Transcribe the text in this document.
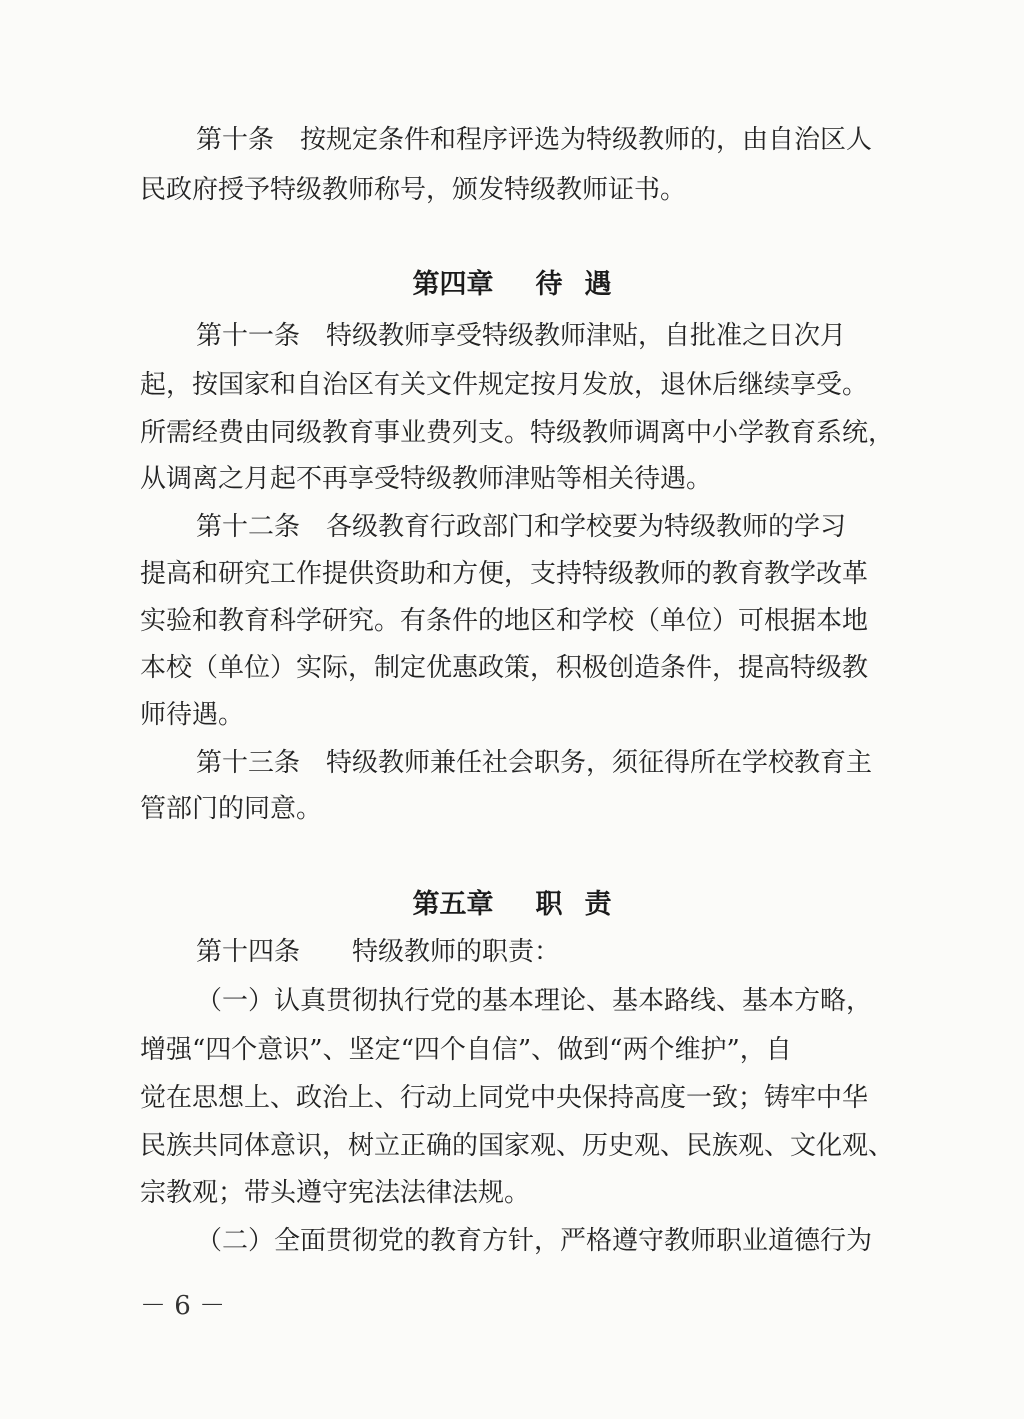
第十条　按规定条件和程序评选为特级教师的，由自治区人
民政府授予特级教师称号，颁发特级教师证书。
第四章 待 遇
第十一条　特级教师享受特级教师津贴，自批准之日次月
起，按国家和自治区有关文件规定按月发放，退休后继续享受。
所需经费由同级教育事业费列支。特级教师调离中小学教育系统，
从调离之月起不再享受特级教师津贴等相关待遇。
第十二条　各级教育行政部门和学校要为特级教师的学习
提高和研究工作提供资助和方便，支持特级教师的教育教学改革
实验和教育科学研究。有条件的地区和学校（单位）可根据本地
本校（单位）实际，制定优惠政策，积极创造条件，提高特级教
师待遇。
第十三条　特级教师兼任社会职务，须征得所在学校教育主
管部门的同意。
第五章 职 责
第十四条　　特级教师的职责：
（一）认真贯彻执行党的基本理论、基本路线、基本方略，
增强“四个意识”、坚定“四个自信”、做到“两个维护”，自
觉在思想上、政治上、行动上同党中央保持高度一致；铸牢中华
民族共同体意识，树立正确的国家观、历史观、民族观、文化观、
宗教观；带头遵守宪法法律法规。
（二）全面贯彻党的教育方针，严格遵守教师职业道德行为
－ 6 －
